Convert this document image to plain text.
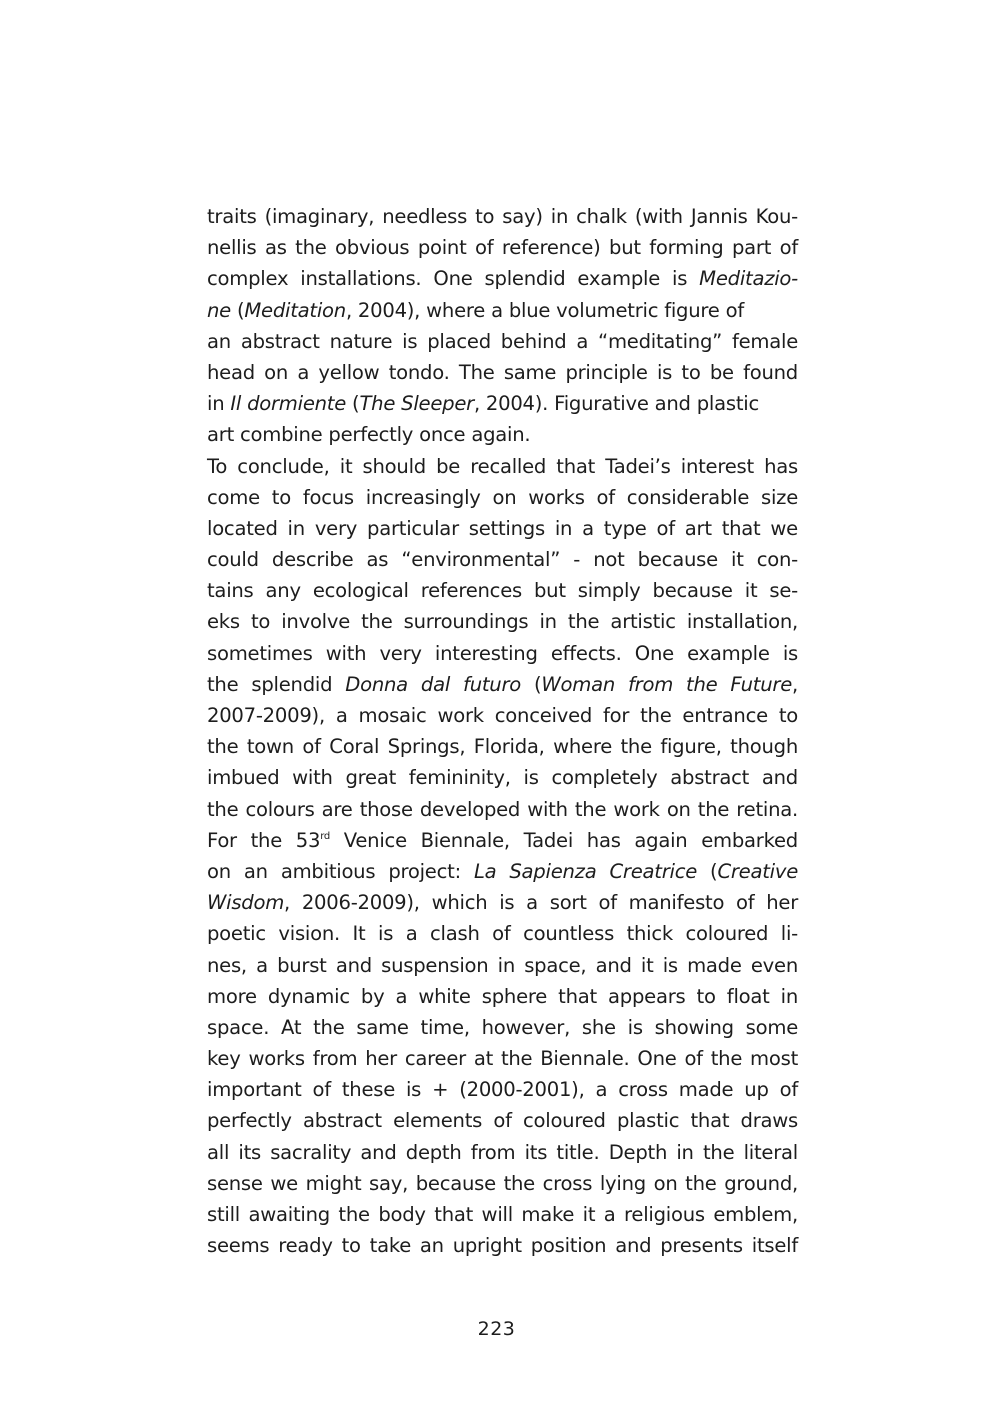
traits (imaginary, needless to say) in chalk (with Jannis Kou-
nellis as the obvious point of reference) but forming part of
complex installations. One splendid example is Meditazio-
ne (Meditation, 2004), where a blue volumetric figure of
an abstract nature is placed behind a “meditating” female
head on a yellow tondo. The same principle is to be found
in Il dormiente (The Sleeper, 2004). Figurative and plastic
art combine perfectly once again.
To conclude, it should be recalled that Tadei’s interest has
come to focus increasingly on works of considerable size
located in very particular settings in a type of art that we
could describe as “environmental” - not because it con-
tains any ecological references but simply because it se-
eks to involve the surroundings in the artistic installation,
sometimes with very interesting effects. One example is
the splendid Donna dal futuro (Woman from the Future,
2007-2009), a mosaic work conceived for the entrance to
the town of Coral Springs, Florida, where the figure, though
imbued with great femininity, is completely abstract and
the colours are those developed with the work on the retina.
For the 53rd Venice Biennale, Tadei has again embarked
on an ambitious project: La Sapienza Creatrice (Creative
Wisdom, 2006-2009), which is a sort of manifesto of her
poetic vision. It is a clash of countless thick coloured li-
nes, a burst and suspension in space, and it is made even
more dynamic by a white sphere that appears to float in
space. At the same time, however, she is showing some
key works from her career at the Biennale. One of the most
important of these is + (2000-2001), a cross made up of
perfectly abstract elements of coloured plastic that draws
all its sacrality and depth from its title. Depth in the literal
sense we might say, because the cross lying on the ground,
still awaiting the body that will make it a religious emblem,
seems ready to take an upright position and presents itself
223
